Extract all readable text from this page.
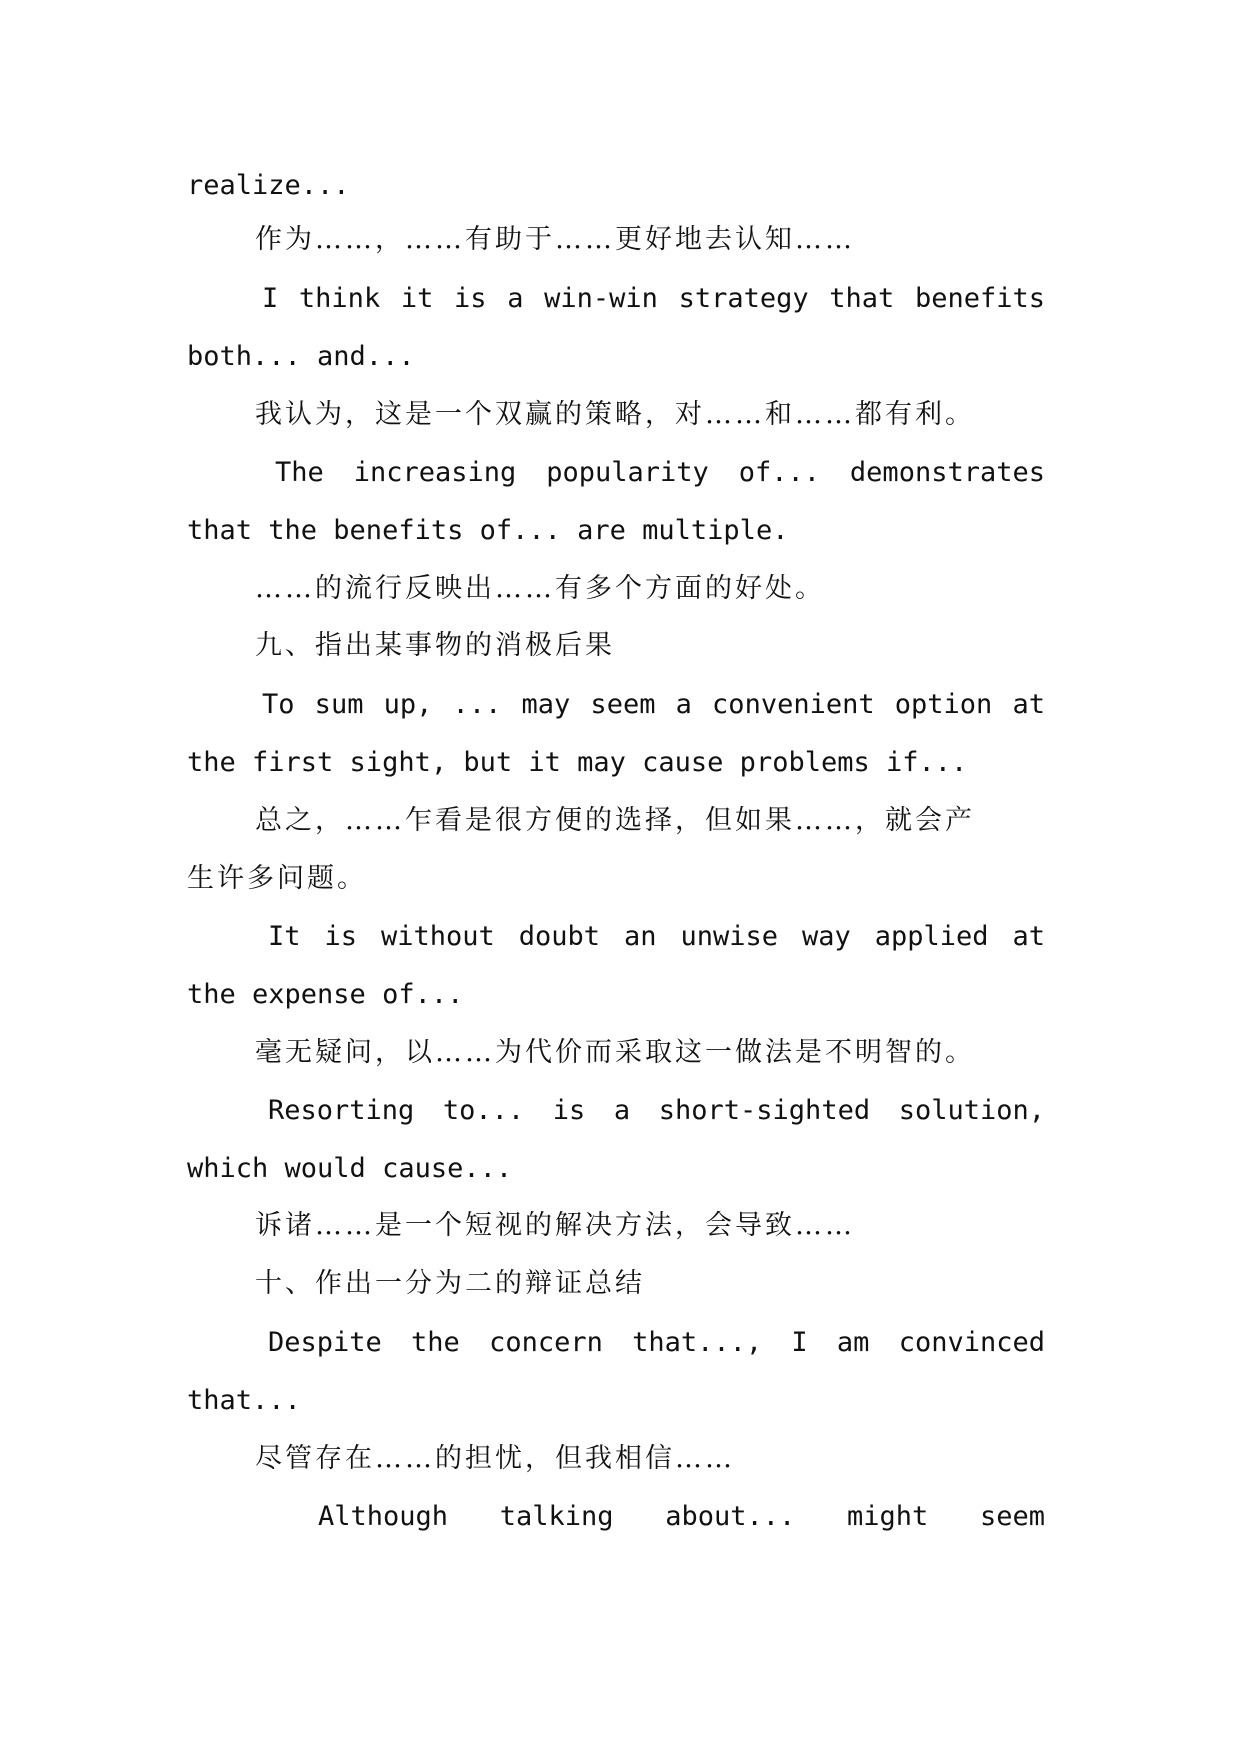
realize...
作为……，……有助于……更好地去认知……
I think it is a win-win strategy that benefits
both... and...
我认为，这是一个双赢的策略，对……和……都有利。
The increasing popularity of... demonstrates
that the benefits of... are multiple.
……的流行反映出……有多个方面的好处。
九、指出某事物的消极后果
To sum up, ... may seem a convenient option at
the first sight, but it may cause problems if...
总之，……乍看是很方便的选择，但如果……，就会产
生许多问题。
It is without doubt an unwise way applied at
the expense of...
毫无疑问，以……为代价而采取这一做法是不明智的。
Resorting to... is a short-sighted solution,
which would cause...
诉诸……是一个短视的解决方法，会导致……
十、作出一分为二的辩证总结
Despite the concern that..., I am convinced
that...
尽管存在……的担忧，但我相信……
Although talking about... might seem
